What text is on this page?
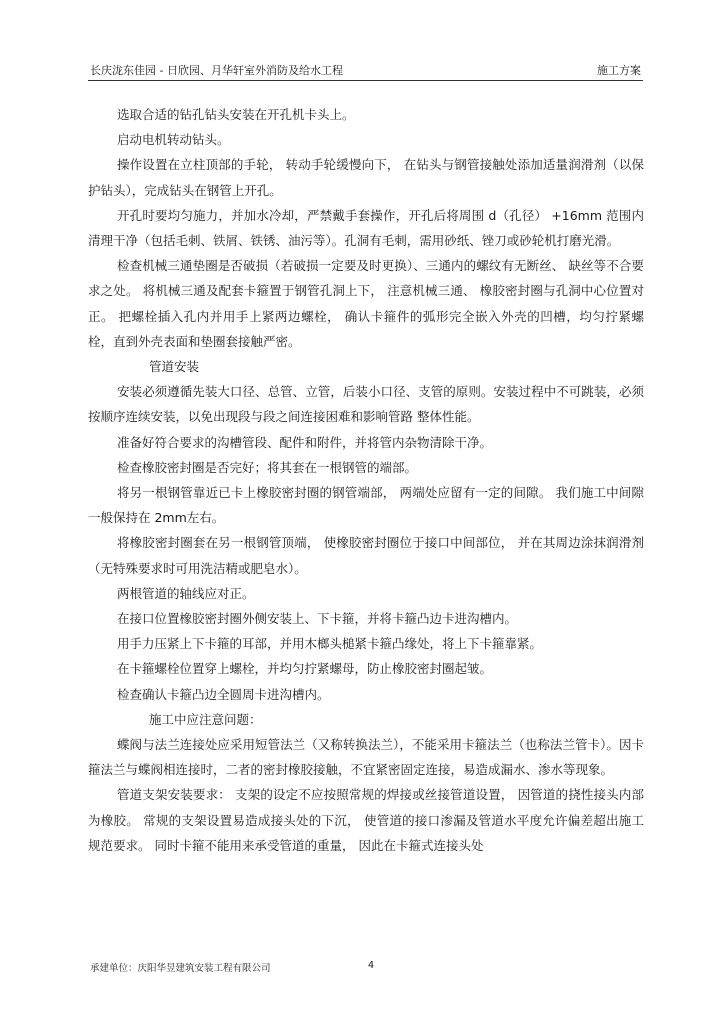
长庆泷东佳园 - 日欣园、月华轩室外消防及给水工程	施工方案

选取合适的钻孔钻头安装在开孔机卡头上。

启动电机转动钻头。

操作设置在立柱顶部的手轮， 转动手轮缓慢向下， 在钻头与钢管接触处添加适量润滑剂（以保护钻头），完成钻头在钢管上开孔。

开孔时要均匀施力，并加水冷却，严禁戴手套操作，开孔后将周围 d（孔径） +16mm 范围内清理干净（包括毛刺、铁屑、铁锈、油污等）。孔洞有毛刺，需用砂纸、锉刀或砂轮机打磨光滑。

检查机械三通垫圈是否破损（若破损一定要及时更换）、三通内的螺纹有无断丝、 缺丝等不合要求之处。 将机械三通及配套卡箍置于钢管孔洞上下， 注意机械三通、 橡胶密封圈与孔洞中心位置对正。 把螺栓插入孔内并用手上紧两边螺栓， 确认卡箍件的弧形完全嵌入外壳的凹槽，均匀拧紧螺栓，直到外壳表面和垫圈套接触严密。

管道安装

安装必须遵循先装大口径、总管、立管，后装小口径、支管的原则。安装过程中不可跳装，必须按顺序连续安装，以免出现段与段之间连接困难和影响管路 整体性能。

准备好符合要求的沟槽管段、配件和附件，并将管内杂物清除干净。

检查橡胶密封圈是否完好；将其套在一根钢管的端部。

将另一根钢管靠近已卡上橡胶密封圈的钢管端部， 两端处应留有一定的间隙。 我们施工中间隙一般保持在 2mm左右。

将橡胶密封圈套在另一根钢管顶端， 使橡胶密封圈位于接口中间部位， 并在其周边涂抹润滑剂（无特殊要求时可用洗洁精或肥皂水）。

两根管道的轴线应对正。

在接口位置橡胶密封圈外侧安装上、下卡箍，并将卡箍凸边卡进沟槽内。

用手力压紧上下卡箍的耳部，并用木榔头槌紧卡箍凸缘处，将上下卡箍靠紧。

在卡箍螺栓位置穿上螺栓，并均匀拧紧螺母，防止橡胶密封圈起皱。

检查确认卡箍凸边全圆周卡进沟槽内。

施工中应注意问题：

蝶阀与法兰连接处应采用短管法兰（又称转换法兰），不能采用卡箍法兰（也称法兰管卡）。因卡箍法兰与蝶阀相连接时，二者的密封橡胶接触，不宜紧密固定连接，易造成漏水、渗水等现象。

管道支架安装要求： 支架的设定不应按照常规的焊接或丝接管道设置， 因管道的挠性接头内部为橡胶。 常规的支架设置易造成接头处的下沉， 使管道的接口渗漏及管道水平度允许偏差超出施工规范要求。 同时卡箍不能用来承受管道的重量， 因此在卡箍式连接头处

承建单位：庆阳华昱建筑安装工程有限公司	4
